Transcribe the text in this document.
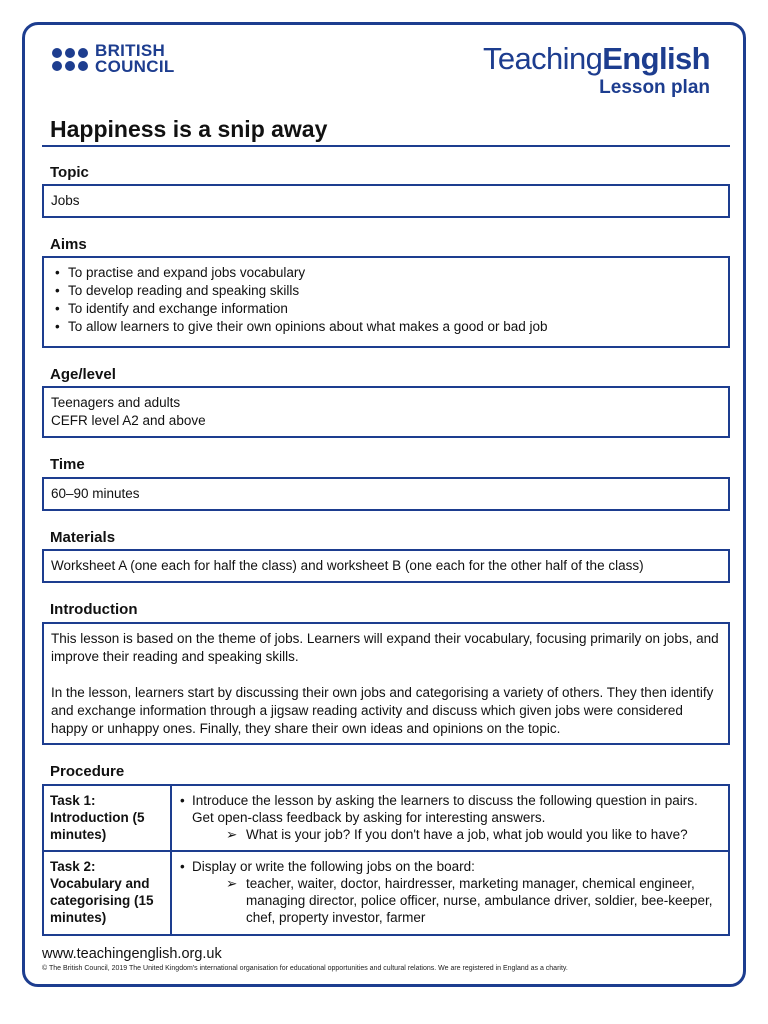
BRITISH
COUNCIL	TeachingEnglish
Lesson plan
Happiness is a snip away
Topic
Jobs
Aims
• To practise and expand jobs vocabulary
• To develop reading and speaking skills
• To identify and exchange information
• To allow learners to give their own opinions about what makes a good or bad job
Age/level
Teenagers and adults
CEFR level A2 and above
Time
60–90 minutes
Materials
Worksheet A (one each for half the class) and worksheet B (one each for the other half of the class)
Introduction
This lesson is based on the theme of jobs. Learners will expand their vocabulary, focusing primarily on jobs, and improve their reading and speaking skills.
In the lesson, learners start by discussing their own jobs and categorising a variety of others. They then identify and exchange information through a jigsaw reading activity and discuss which given jobs were considered happy or unhappy ones. Finally, they share their own ideas and opinions on the topic.
Procedure
Task 1: Introduction (5 minutes)	• Introduce the lesson by asking the learners to discuss the following question in pairs. Get open-class feedback by asking for interesting answers.
➢ What is your job? If you don't have a job, what job would you like to have?

Task 2: Vocabulary and categorising (15 minutes)	• Display or write the following jobs on the board:
➢ teacher, waiter, doctor, hairdresser, marketing manager, chemical engineer, managing director, police officer, nurse, ambulance driver, soldier, bee-keeper, chef, property investor, farmer
www.teachingenglish.org.uk
© The British Council, 2019 The United Kingdom's international organisation for educational opportunities and cultural relations. We are registered in England as a charity.
